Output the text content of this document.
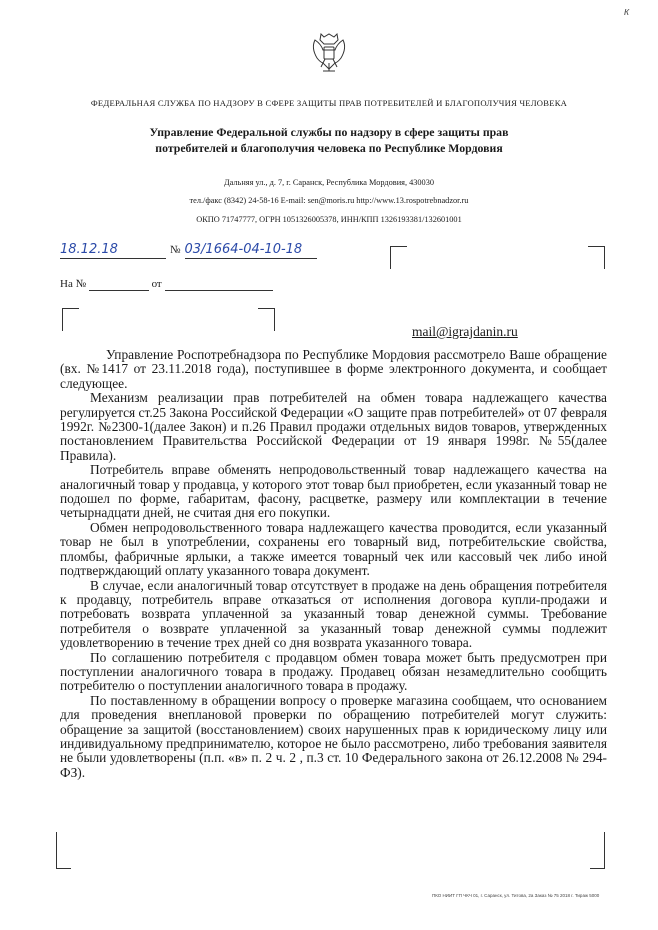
к
ФЕДЕРАЛЬНАЯ СЛУЖБА ПО НАДЗОРУ В СФЕРЕ ЗАЩИТЫ ПРАВ ПОТРЕБИТЕЛЕЙ И БЛАГОПОЛУЧИЯ ЧЕЛОВЕКА
Управление Федеральной службы по надзору в сфере защиты прав
потребителей и благополучия человека по Республике Мордовия
Дальняя ул., д. 7, г. Саранск, Республика Мордовия, 430030
тел./факс (8342) 24-58-16 E-mail: sen@moris.ru http://www.13.rospotrebnadzor.ru
ОКПО 71747777, ОГРН 1051326005378, ИНН/КПП 1326193381/132601001
18.12.18	№ 03/1664-04-10-18
На №	от
mail@igrajdanin.ru

Управление Роспотребнадзора по Республике Мордовия рассмотрело Ваше обращение (вх. №1417 от 23.11.2018 года), поступившее в форме электронного документа, и сообщает следующее.

Механизм реализации прав потребителей на обмен товара надлежащего качества регулируется ст.25 Закона Российской Федерации «О защите прав потребителей» от 07 февраля 1992г. №2300-1(далее Закон) и п.26 Правил продажи отдельных видов товаров, утвержденных постановлением Правительства Российской Федерации от 19 января 1998г. №55(далее Правила).

Потребитель вправе обменять непродовольственный товар надлежащего качества на аналогичный товар у продавца, у которого этот товар был приобретен, если указанный товар не подошел по форме, габаритам, фасону, расцветке, размеру или комплектации в течение четырнадцати дней, не считая дня его покупки.

Обмен непродовольственного товара надлежащего качества проводится, если указанный товар не был в употреблении, сохранены его товарный вид, потребительские свойства, пломбы, фабричные ярлыки, а также имеется товарный чек или кассовый чек либо иной подтверждающий оплату указанного товара документ.

В случае, если аналогичный товар отсутствует в продаже на день обращения потребителя к продавцу, потребитель вправе отказаться от исполнения договора купли-продажи и потребовать возврата уплаченной за указанный товар денежной суммы. Требование потребителя о возврате уплаченной за указанный товар денежной суммы подлежит удовлетворению в течение трех дней со дня возврата указанного товара.

По соглашению потребителя с продавцом обмен товара может быть предусмотрен при поступлении аналогичного товара в продажу. Продавец обязан незамедлительно сообщить потребителю о поступлении аналогичного товара в продажу.

По поставленному в обращении вопросу о проверке магазина сообщаем, что основанием для проведения внеплановой проверки по обращению потребителей могут служить: обращение за защитой (восстановлением) своих нарушенных прав к юридическому лицу или индивидуальному предпринимателю, которое не было рассмотрено, либо требования заявителя не были удовлетворены (п.п. «в» п. 2 ч. 2 , п.3 ст. 10 Федерального закона от 26.12.2008 № 294-ФЗ).

ПКО НИИТ ГП ЧКЧ 01, г. Саранск, ул. Титова, 2а Заказ № 75 2018 г. Тираж 5000
